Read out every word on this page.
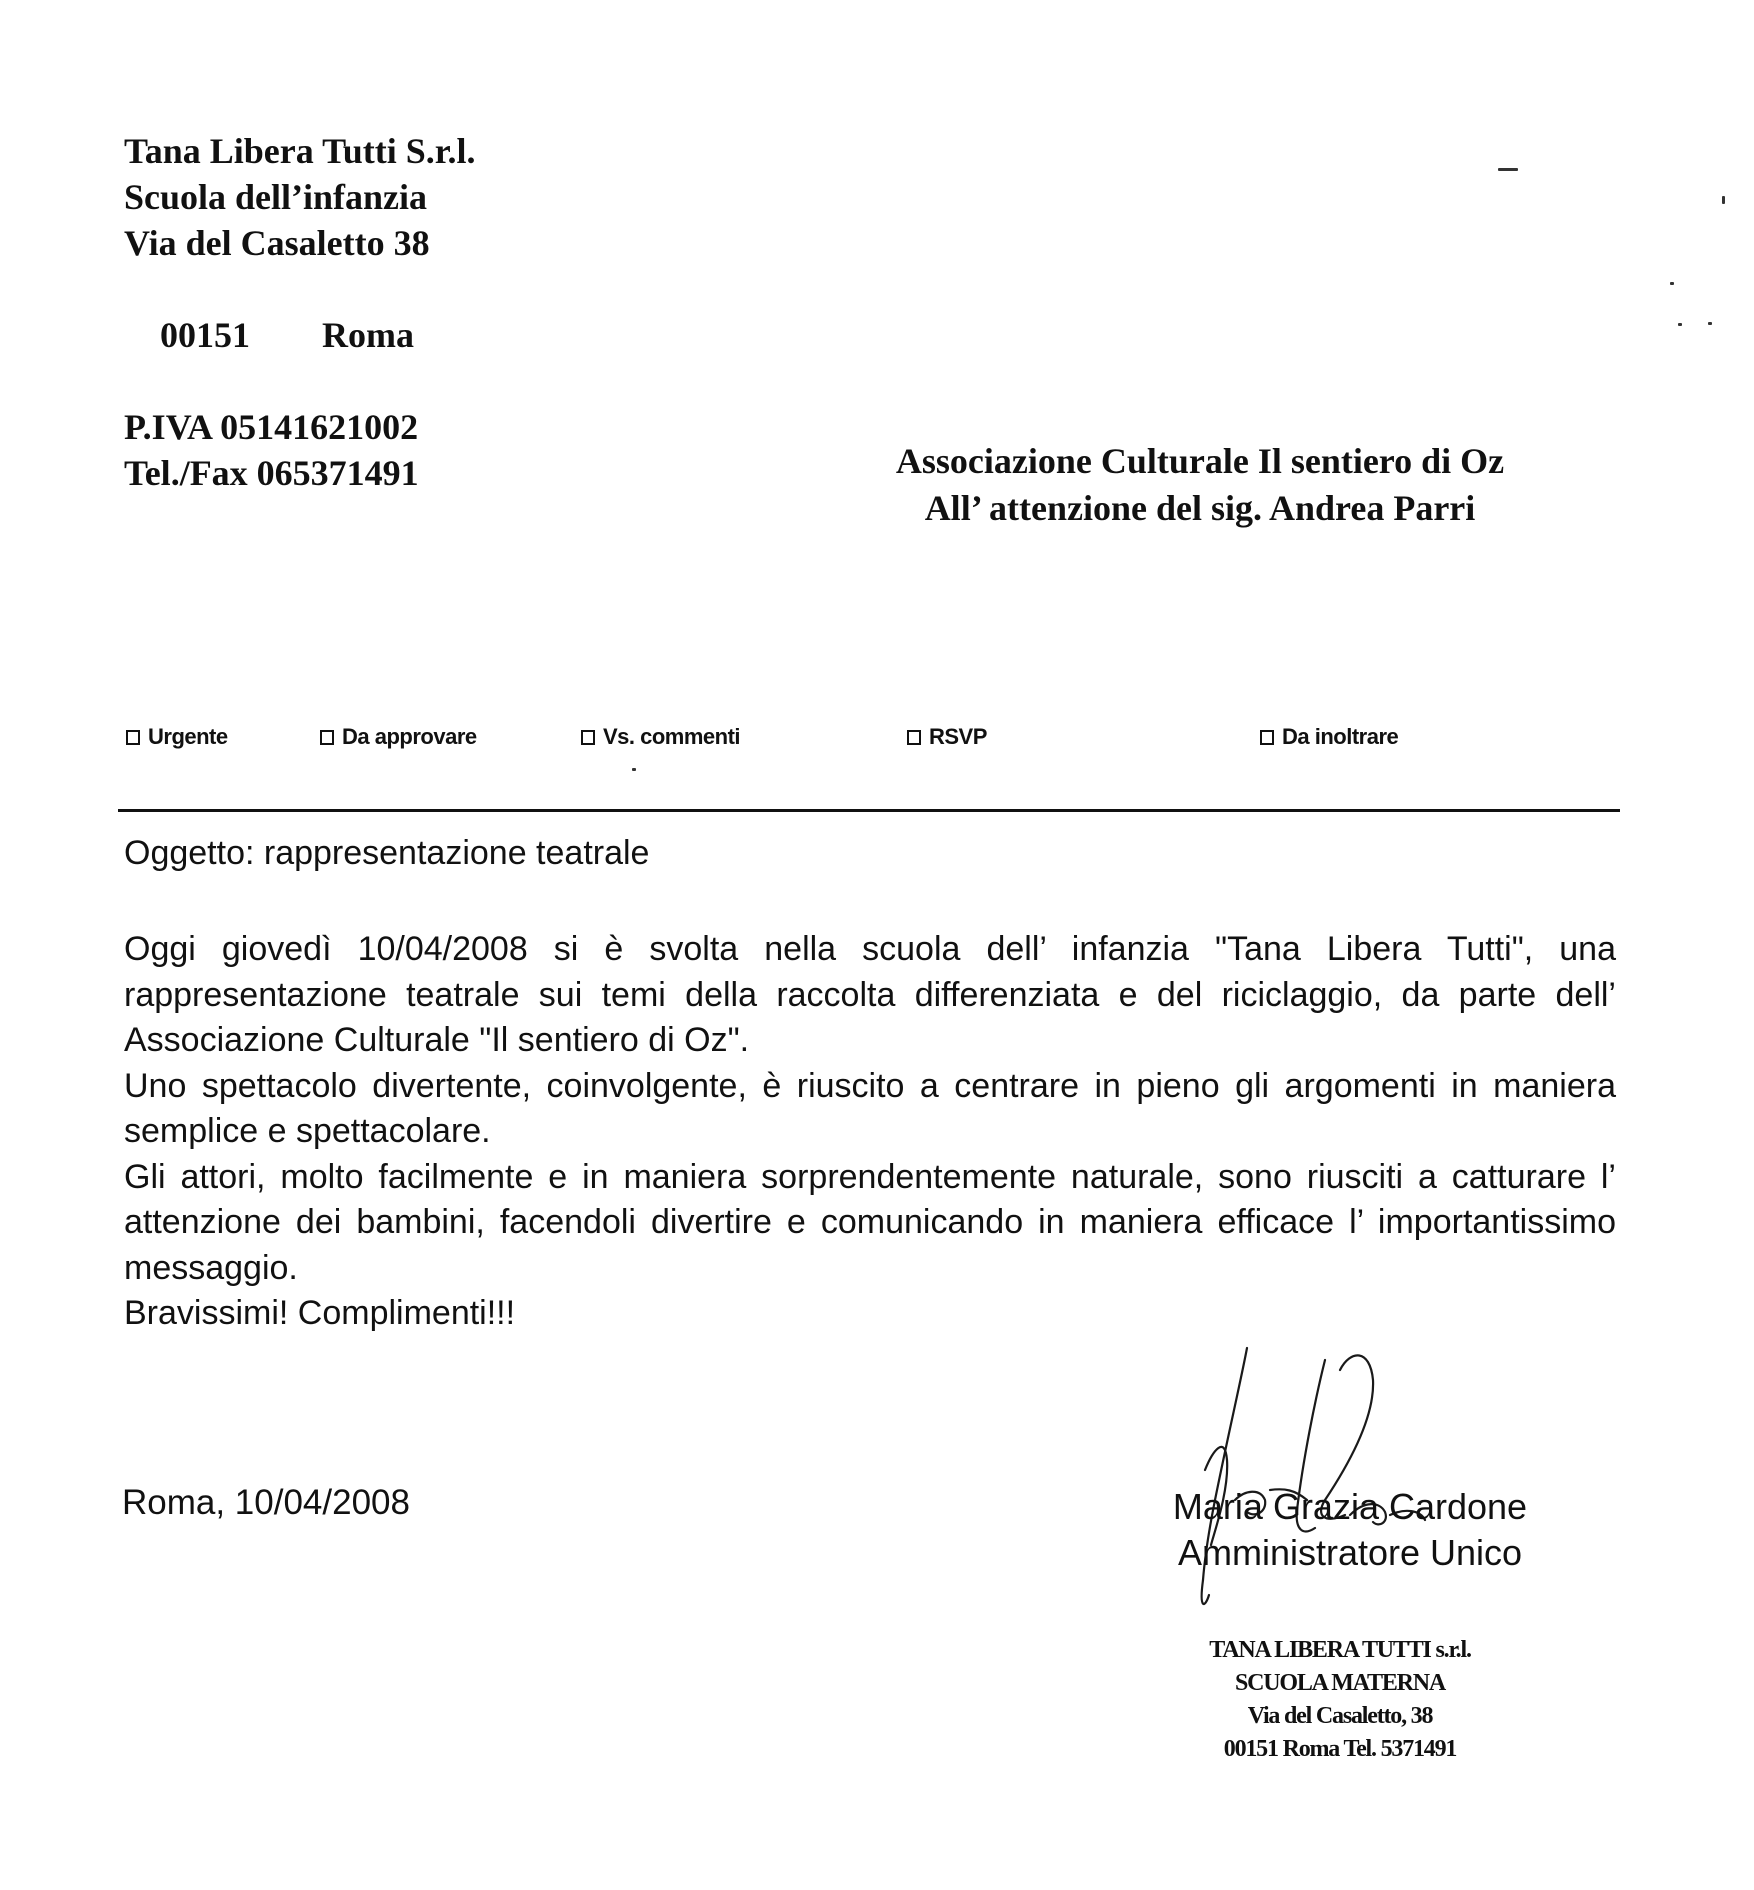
Tana Libera Tutti S.r.l.
Scuola dell’infanzia
Via del Casaletto 38

00151 Roma

P.IVA 05141621002
Tel./Fax 065371491	Associazione Culturale Il sentiero di Oz
All’ attenzione del sig. Andrea Parri
Urgente	Da approvare	Vs. commenti	RSVP	Da inoltrare
Oggetto: rappresentazione teatrale
Oggi giovedì 10/04/2008 si è svolta nella scuola dell’ infanzia "Tana Libera Tutti", una rappresentazione teatrale sui temi della raccolta differenziata e del riciclaggio, da parte dell’ Associazione Culturale "Il sentiero di Oz".
Uno spettacolo divertente, coinvolgente, è riuscito a centrare in pieno gli argomenti in maniera semplice e spettacolare.
Gli attori, molto facilmente e in maniera sorprendentemente naturale, sono riusciti a catturare l’ attenzione dei bambini, facendoli divertire e comunicando in maniera efficace l’ importantissimo messaggio.
Bravissimi! Complimenti!!!
Roma, 10/04/2008	Maria Grazia Cardone
Amministratore Unico
TANA LIBERA TUTTI s.r.l.
SCUOLA MATERNA
Via del Casaletto, 38
00151 Roma Tel. 5371491
